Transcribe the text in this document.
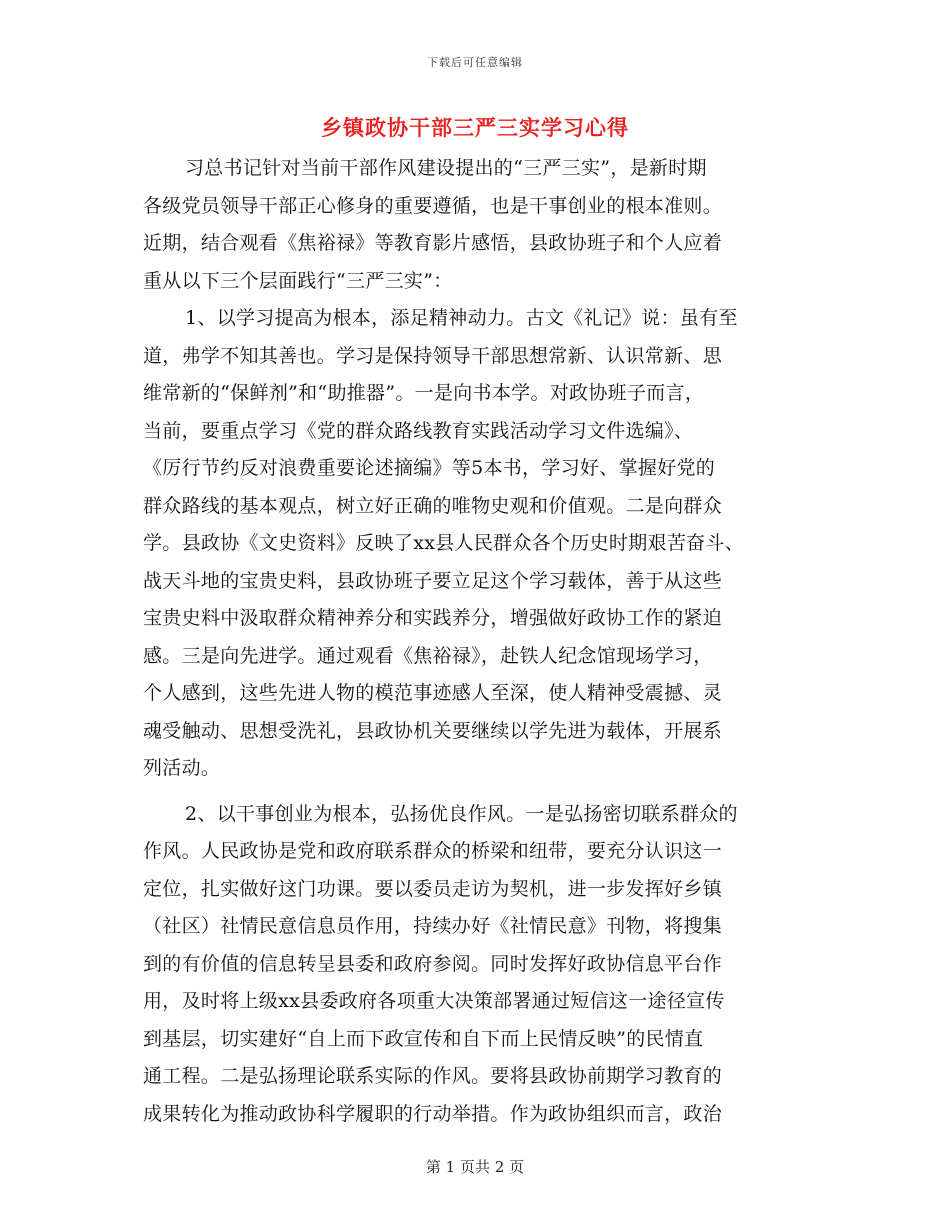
下载后可任意编辑
乡镇政协干部三严三实学习心得
习总书记针对当前干部作风建设提出的“三严三实”，是新时期
各级党员领导干部正心修身的重要遵循，也是干事创业的根本准则。
近期，结合观看《焦裕禄》等教育影片感悟，县政协班子和个人应着
重从以下三个层面践行“三严三实”：
1、以学习提高为根本，添足精神动力。古文《礼记》说：虽有至
道，弗学不知其善也。学习是保持领导干部思想常新、认识常新、思
维常新的“保鲜剂”和“助推器”。一是向书本学。对政协班子而言，
当前，要重点学习《党的群众路线教育实践活动学习文件选编》、
《厉行节约反对浪费重要论述摘编》等5本书，学习好、掌握好党的
群众路线的基本观点，树立好正确的唯物史观和价值观。二是向群众
学。县政协《文史资料》反映了xx县人民群众各个历史时期艰苦奋斗、
战天斗地的宝贵史料，县政协班子要立足这个学习载体，善于从这些
宝贵史料中汲取群众精神养分和实践养分，增强做好政协工作的紧迫
感。三是向先进学。通过观看《焦裕禄》，赴铁人纪念馆现场学习，
个人感到，这些先进人物的模范事迹感人至深，使人精神受震撼、灵
魂受触动、思想受洗礼，县政协机关要继续以学先进为载体，开展系
列活动。
2、以干事创业为根本，弘扬优良作风。一是弘扬密切联系群众的
作风。人民政协是党和政府联系群众的桥梁和纽带，要充分认识这一
定位，扎实做好这门功课。要以委员走访为契机，进一步发挥好乡镇
（社区）社情民意信息员作用，持续办好《社情民意》刊物，将搜集
到的有价值的信息转呈县委和政府参阅。同时发挥好政协信息平台作
用，及时将上级xx县委政府各项重大决策部署通过短信这一途径宣传
到基层，切实建好“自上而下政宣传和自下而上民情反映”的民情直
通工程。二是弘扬理论联系实际的作风。要将县政协前期学习教育的
成果转化为推动政协科学履职的行动举措。作为政协组织而言，政治
第 1 页共 2 页
